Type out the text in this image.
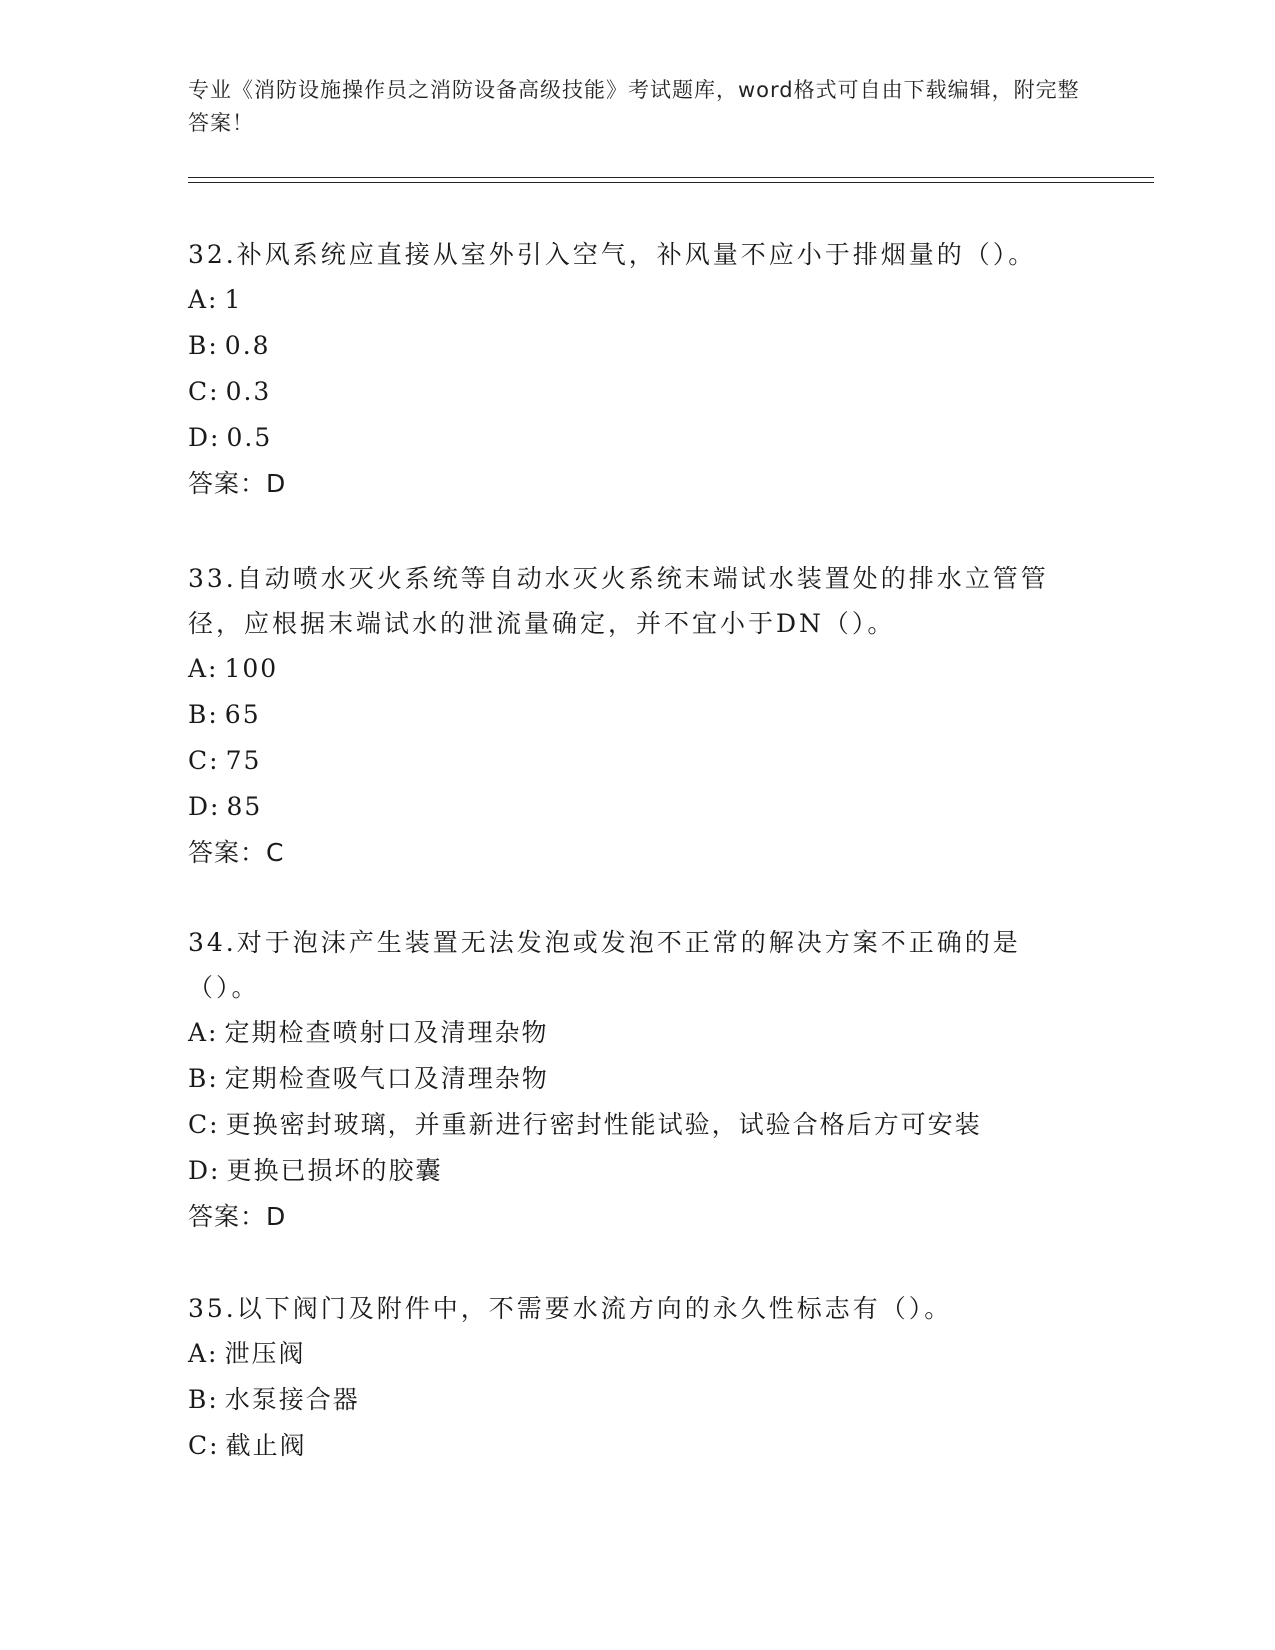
专业《消防设施操作员之消防设备高级技能》考试题库，word格式可自由下载编辑，附完整答案！

32.补风系统应直接从室外引入空气，补风量不应小于排烟量的（）。

A: 1

B: 0.8

C: 0.3

D: 0.5

答案：D

33.自动喷水灭火系统等自动水灭火系统末端试水装置处的排水立管管径，应根据末端试水的泄流量确定，并不宜小于DN（）。

A: 100

B: 65

C: 75

D: 85

答案：C

34.对于泡沫产生装置无法发泡或发泡不正常的解决方案不正确的是（）。

A: 定期检查喷射口及清理杂物

B: 定期检查吸气口及清理杂物

C: 更换密封玻璃，并重新进行密封性能试验，试验合格后方可安装

D: 更换已损坏的胶囊

答案：D

35.以下阀门及附件中，不需要水流方向的永久性标志有（）。

A: 泄压阀

B: 水泵接合器

C: 截止阀
